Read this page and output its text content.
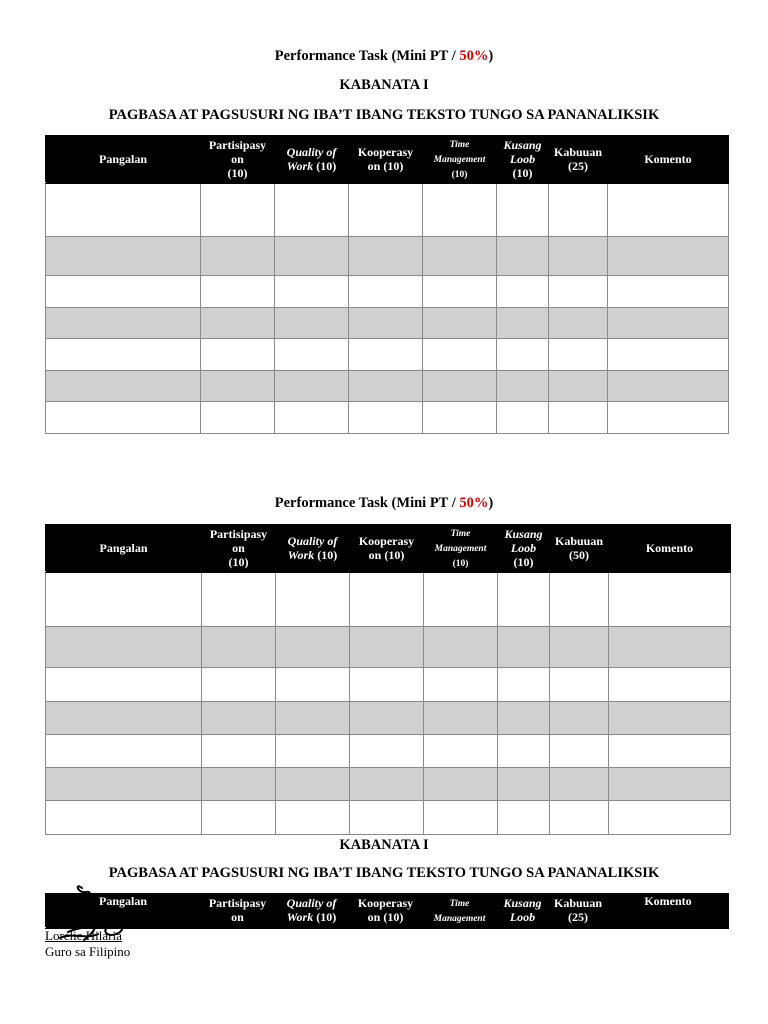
Performance Task (Mini PT / 50%)
KABANATA I
PAGBASA AT PAGSUSURI NG IBA’T IBANG TEKSTO TUNGO SA PANANALIKSIK
Pangalan	Partisipasy
on
(10)	Quality of
Work (10)	Kooperasy
on (10)	Time
Management
(10)	Kusang
Loob
(10)	Kabuuan
(25)	Komento

Performance Task (Mini PT / 50%)
Pangalan	Partisipasy
on
(10)	Quality of
Work (10)	Kooperasy
on (10)	Time
Management
(10)	Kusang
Loob
(10)	Kabuuan
(50)	Komento

KABANATA I
PAGBASA AT PAGSUSURI NG IBA’T IBANG TEKSTO TUNGO SA PANANALIKSIK
Pangalan	Partisipasy
on	Quality of
Work (10)	Kooperasy
on (10)	Time
Management	Kusang
Loob	Kabuuan
(25)	Komento
Lorelie Hilaria
Guro sa Filipino
